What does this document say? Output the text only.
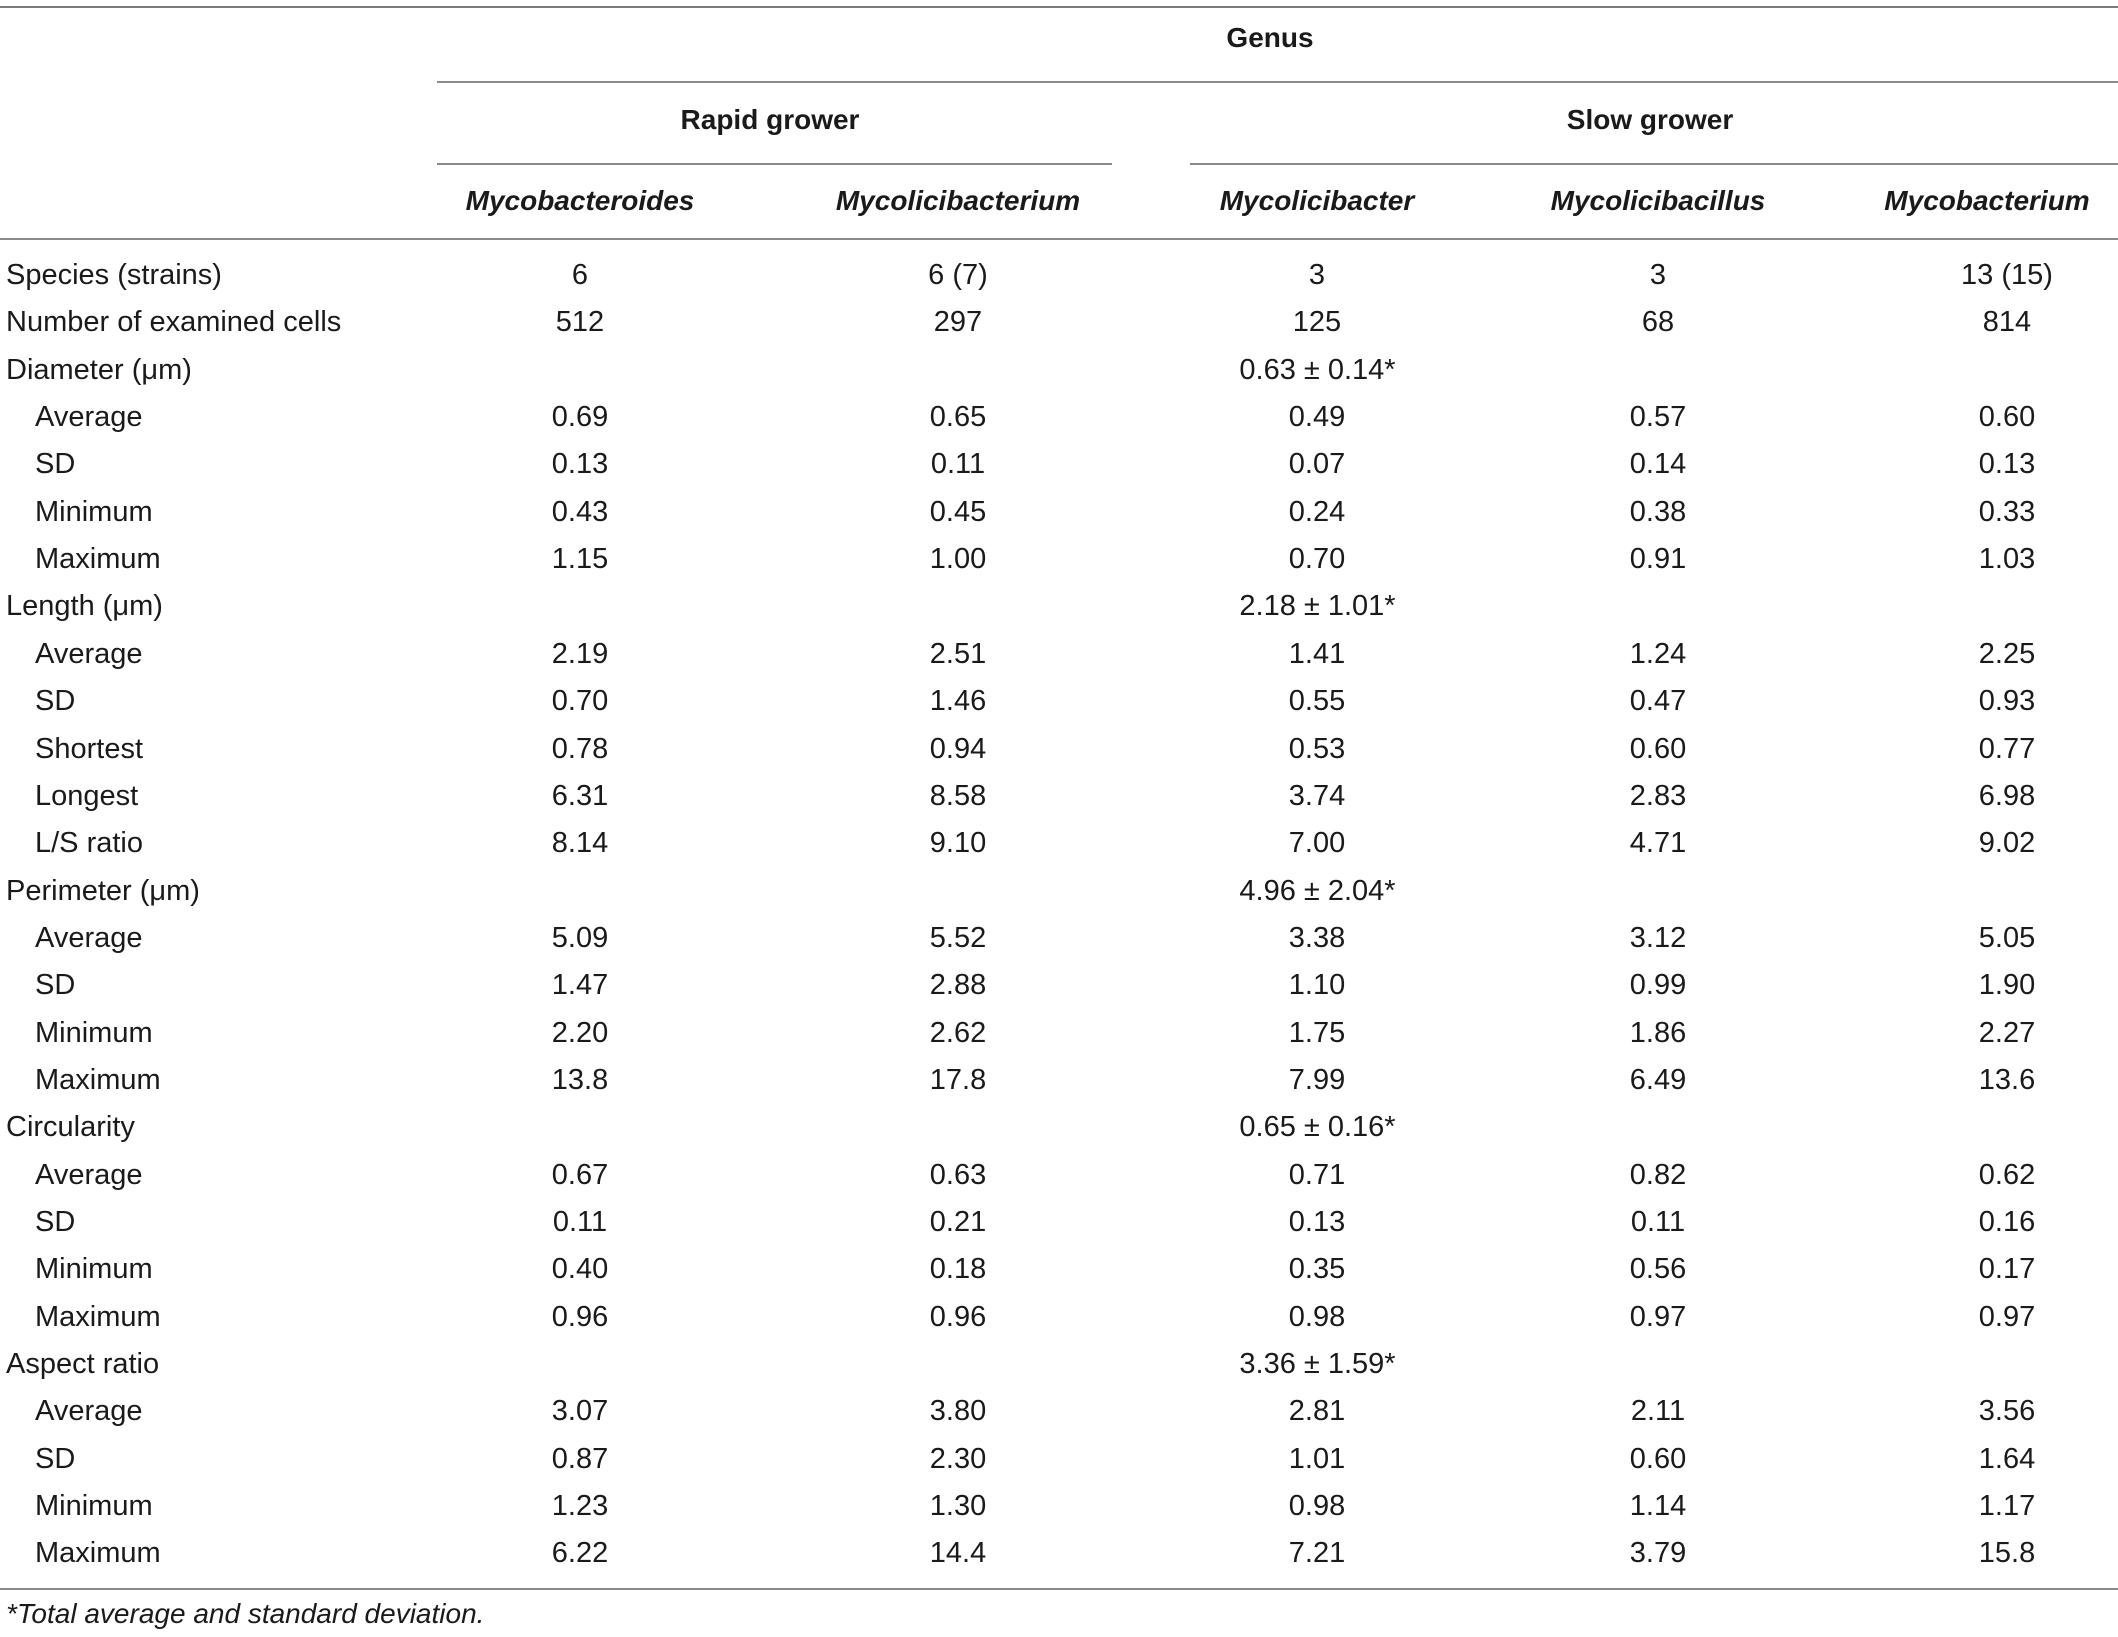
Genus
Rapid grower	Slow grower
Mycobacteroides	Mycolicibacterium	Mycolicibacter	Mycolicibacillus	Mycobacterium
Species (strains)	6	6 (7)	3	3	13 (15)
Number of examined cells	512	297	125	68	814
Diameter (μm)	0.63 ± 0.14*
Average	0.69	0.65	0.49	0.57	0.60
SD	0.13	0.11	0.07	0.14	0.13
Minimum	0.43	0.45	0.24	0.38	0.33
Maximum	1.15	1.00	0.70	0.91	1.03
Length (μm)	2.18 ± 1.01*
Average	2.19	2.51	1.41	1.24	2.25
SD	0.70	1.46	0.55	0.47	0.93
Shortest	0.78	0.94	0.53	0.60	0.77
Longest	6.31	8.58	3.74	2.83	6.98
L/S ratio	8.14	9.10	7.00	4.71	9.02
Perimeter (μm)	4.96 ± 2.04*
Average	5.09	5.52	3.38	3.12	5.05
SD	1.47	2.88	1.10	0.99	1.90
Minimum	2.20	2.62	1.75	1.86	2.27
Maximum	13.8	17.8	7.99	6.49	13.6
Circularity	0.65 ± 0.16*
Average	0.67	0.63	0.71	0.82	0.62
SD	0.11	0.21	0.13	0.11	0.16
Minimum	0.40	0.18	0.35	0.56	0.17
Maximum	0.96	0.96	0.98	0.97	0.97
Aspect ratio	3.36 ± 1.59*
Average	3.07	3.80	2.81	2.11	3.56
SD	0.87	2.30	1.01	0.60	1.64
Minimum	1.23	1.30	0.98	1.14	1.17
Maximum	6.22	14.4	7.21	3.79	15.8
*Total average and standard deviation.
